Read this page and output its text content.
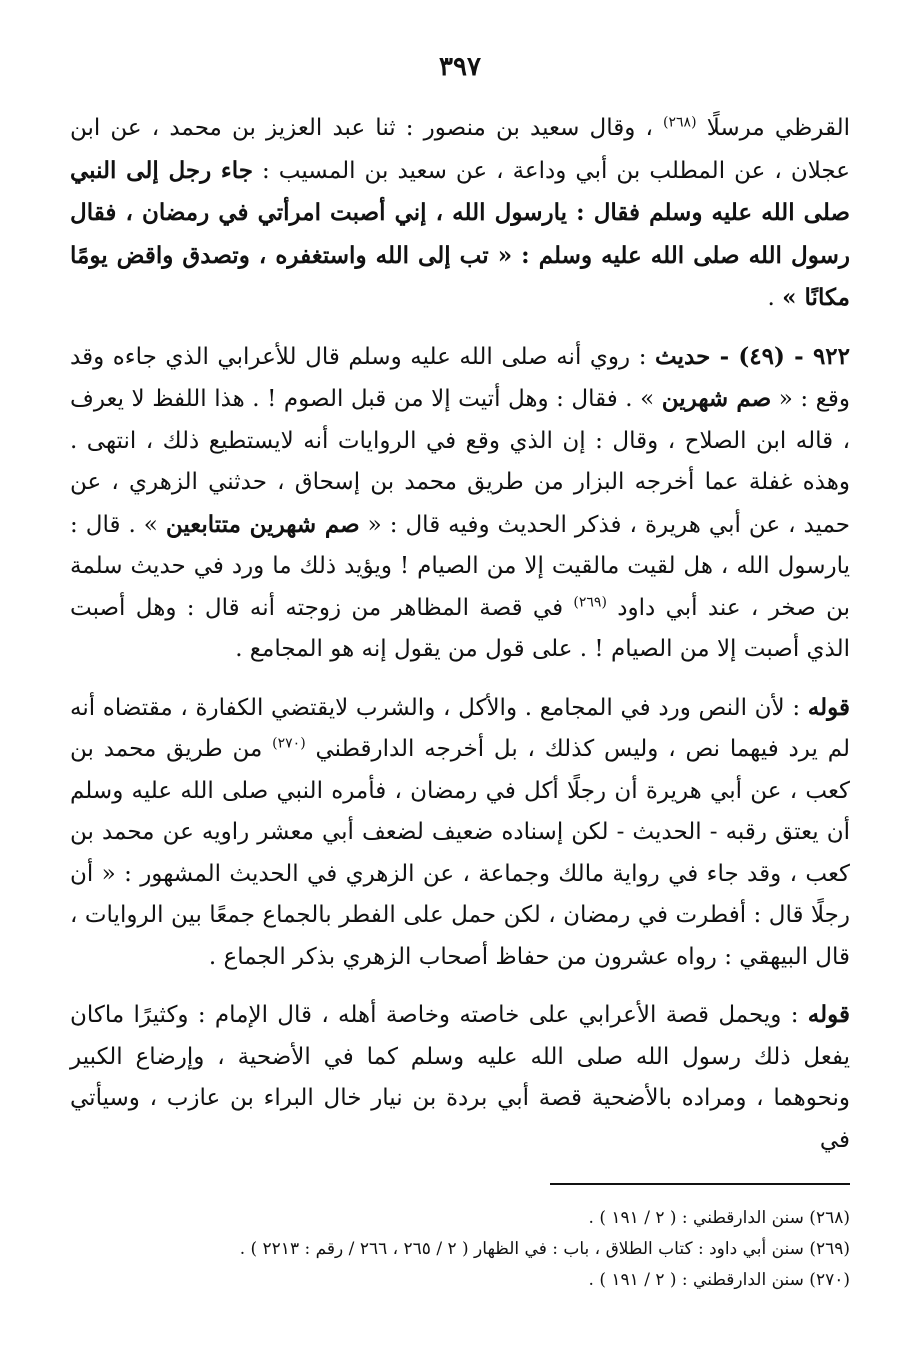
٣٩٧

القرظي مرسلًا $^{(٢٦٨)}$ ، وقال سعيد بن منصور : ثنا عبد العزيز بن محمد ، عن ابن عجلان ، عن المطلب بن أبي وداعة ، عن سعيد بن المسيب : جاء رجل إلى النبي صلى الله عليه وسلم فقال : يارسول الله ، إني أصبت امرأتي في رمضان ، فقال رسول الله صلى الله عليه وسلم : « تب إلى الله واستغفره ، وتصدق واقض يومًا مكانًا » .

٩٢٢ - (٤٩) - حديث : روي أنه صلى الله عليه وسلم قال للأعرابي الذي جاءه وقد وقع : « صم شهرين » . فقال : وهل أتيت إلا من قبل الصوم ! . هذا اللفظ لا يعرف ، قاله ابن الصلاح ، وقال : إن الذي وقع في الروايات أنه لايستطيع ذلك ، انتهى . وهذه غفلة عما أخرجه البزار من طريق محمد بن إسحاق ، حدثني الزهري ، عن حميد ، عن أبي هريرة ، فذكر الحديث وفيه قال : « صم شهرين متتابعين » . قال : يارسول الله ، هل لقيت مالقيت إلا من الصيام ! ويؤيد ذلك ما ورد في حديث سلمة بن صخر ، عند أبي داود $^{(٢٦٩)}$ في قصة المظاهر من زوجته أنه قال : وهل أصبت الذي أصبت إلا من الصيام ! . على قول من يقول إنه هو المجامع .

قوله : لأن النص ورد في المجامع . والأكل ، والشرب لايقتضي الكفارة ، مقتضاه أنه لم يرد فيهما نص ، وليس كذلك ، بل أخرجه الدارقطني $^{(٢٧٠)}$ من طريق محمد بن كعب ، عن أبي هريرة أن رجلًا أكل في رمضان ، فأمره النبي صلى الله عليه وسلم أن يعتق رقبه - الحديث - لكن إسناده ضعيف لضعف أبي معشر راويه عن محمد بن كعب ، وقد جاء في رواية مالك وجماعة ، عن الزهري في الحديث المشهور : « أن رجلًا قال : أفطرت في رمضان ، لكن حمل على الفطر بالجماع جمعًا بين الروايات ، قال البيهقي : رواه عشرون من حفاظ أصحاب الزهري بذكر الجماع .

قوله : ويحمل قصة الأعرابي على خاصته وخاصة أهله ، قال الإمام : وكثيرًا ماكان يفعل ذلك رسول الله صلى الله عليه وسلم كما في الأضحية ، وإرضاع الكبير ونحوهما ، ومراده بالأضحية قصة أبي بردة بن نيار خال البراء بن عازب ، وسيأتي في

(٢٦٨) سنن الدارقطني : ( ٢ / ١٩١ ) .

(٢٦٩) سنن أبي داود : كتاب الطلاق ، باب : في الظهار ( ٢ / ٢٦٥ ، ٢٦٦ / رقم : ٢٢١٣ ) .

(٢٧٠) سنن الدارقطني : ( ٢ / ١٩١ ) .
